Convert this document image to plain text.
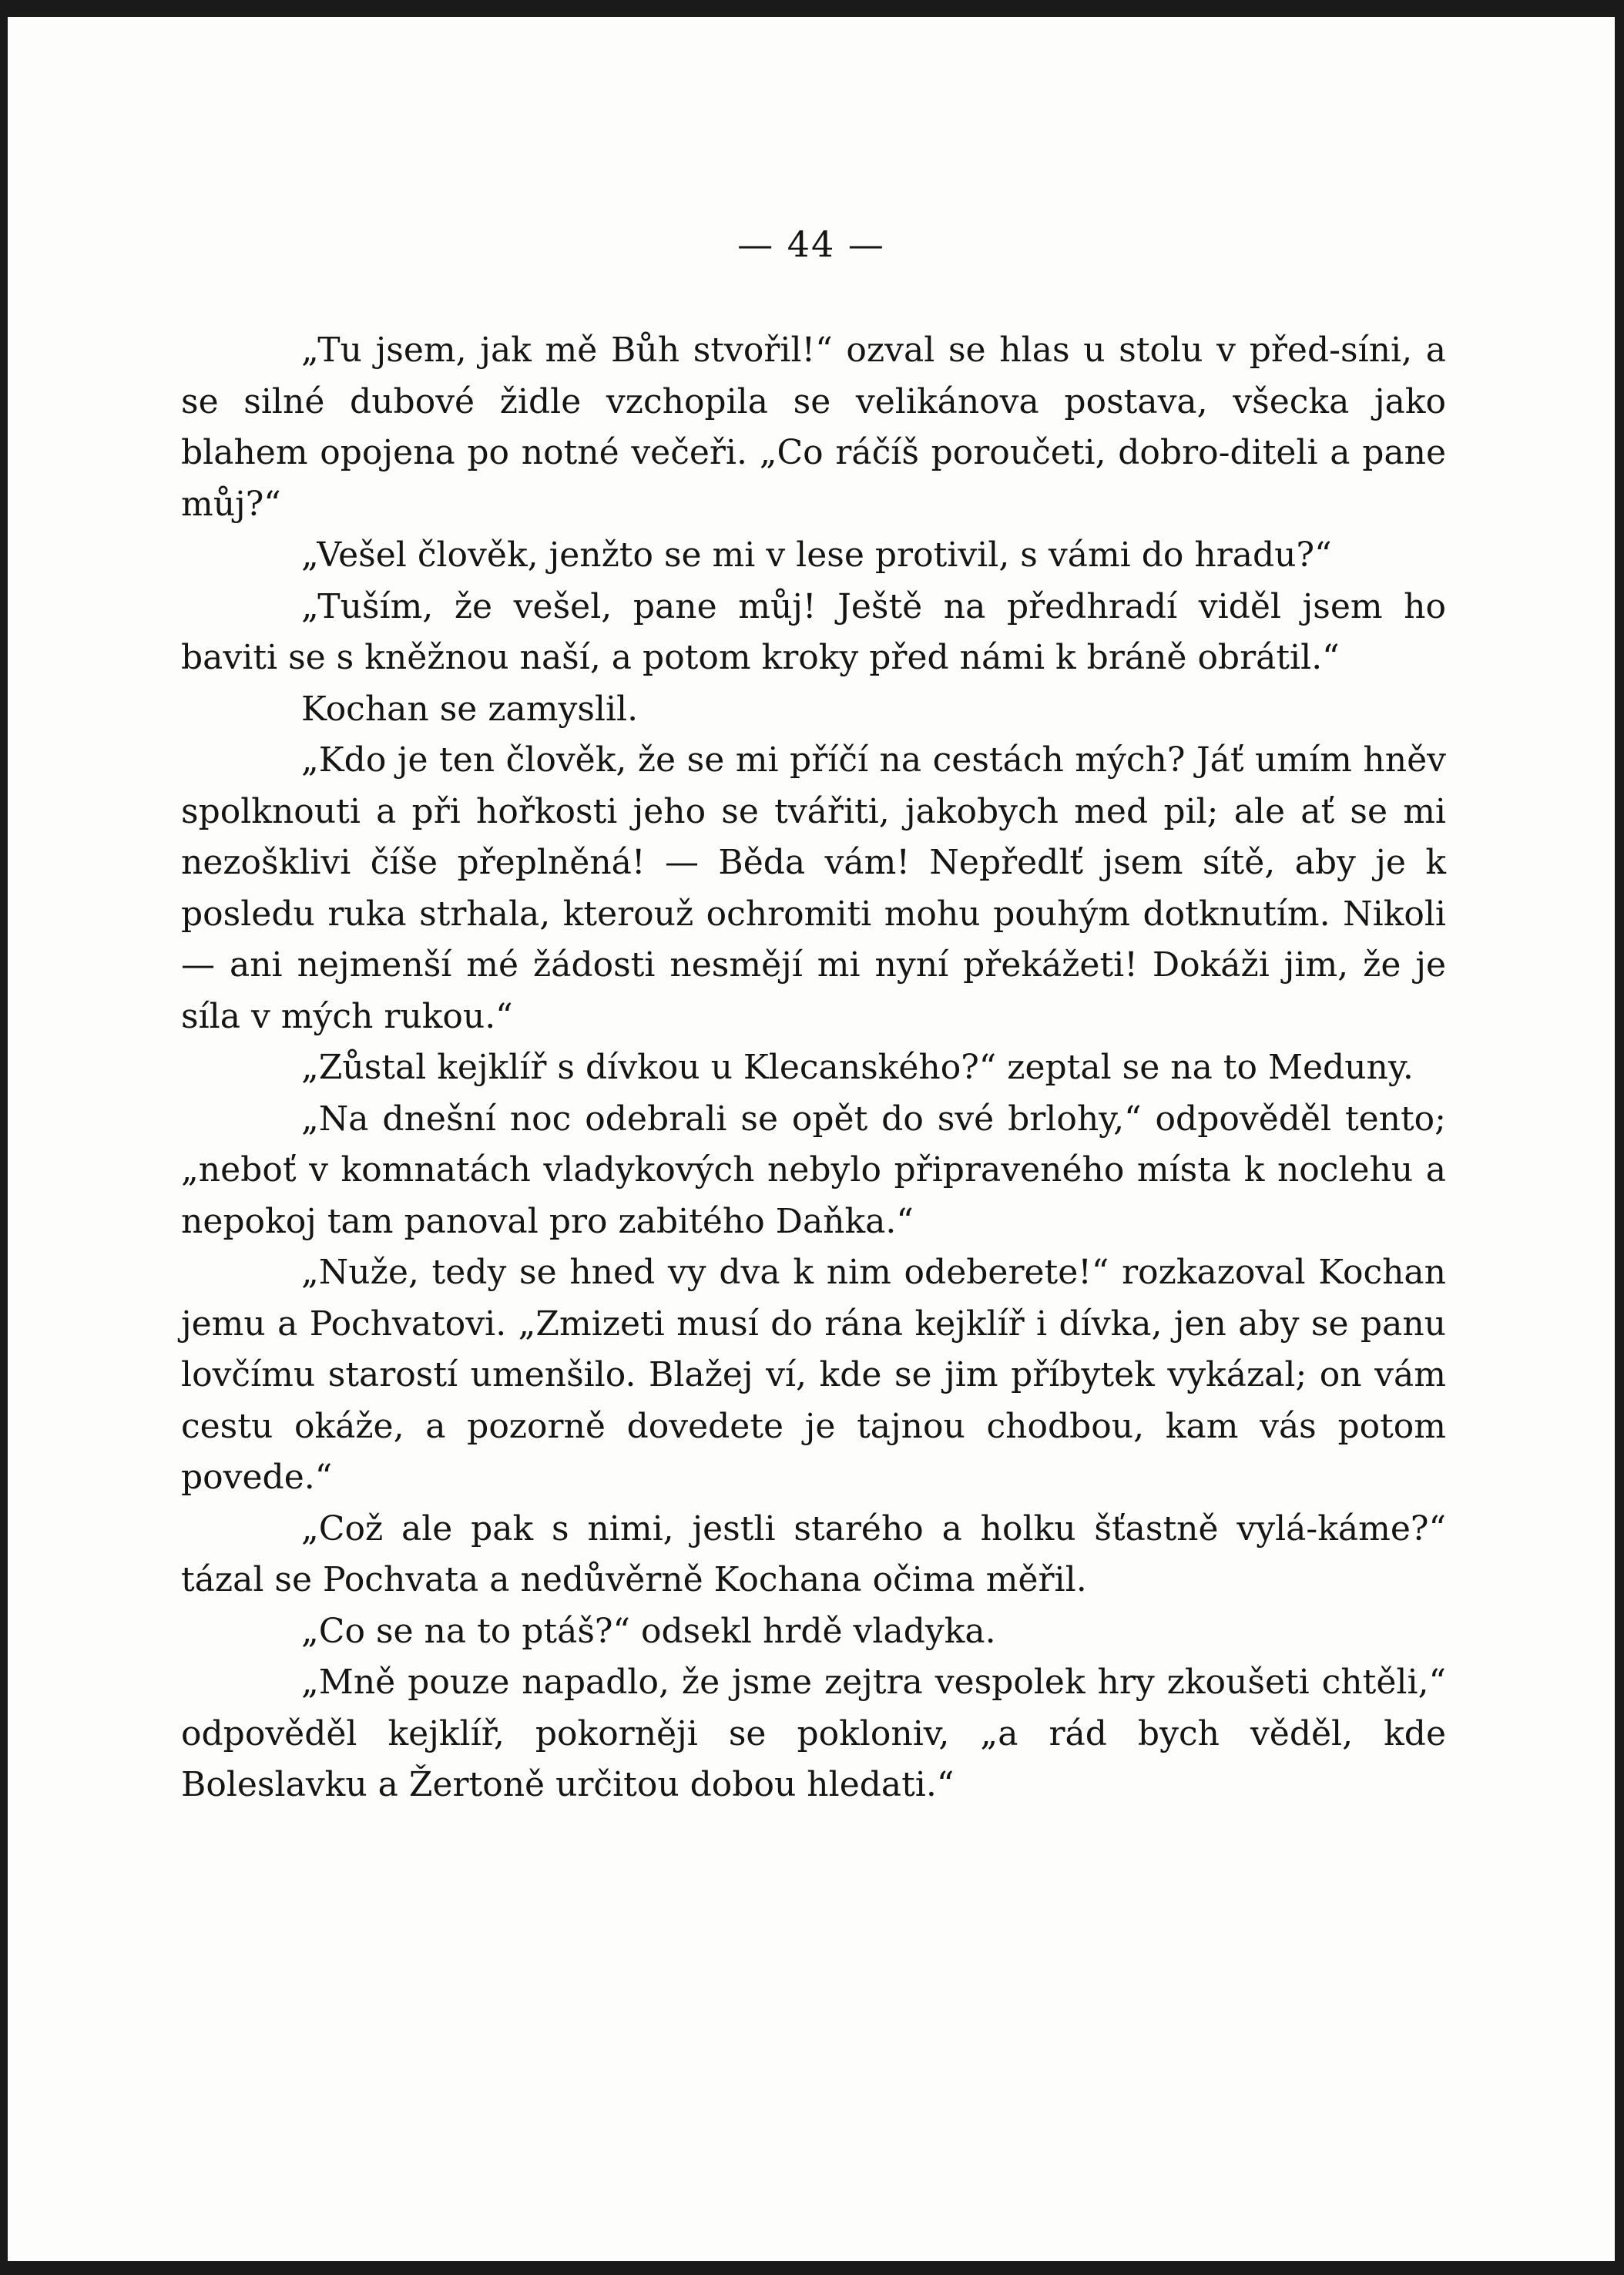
— 44 —

„Tu jsem, jak mě Bůh stvořil!“ ozval se hlas u stolu v před-síni, a se silné dubové židle vzchopila se velikánova postava, všecka jako blahem opojena po notné večeři. „Co ráčíš poroučeti, dobro-diteli a pane můj?“

„Vešel člověk, jenžto se mi v lese protivil, s vámi do hradu?“

„Tuším, že vešel, pane můj! Ještě na předhradí viděl jsem ho baviti se s kněžnou naší, a potom kroky před námi k bráně obrátil.“

Kochan se zamyslil.

„Kdo je ten člověk, že se mi příčí na cestách mých? Jáť umím hněv spolknouti a při hořkosti jeho se tvářiti, jakobych med pil; ale ať se mi nezošklivi číše přeplněná! — Běda vám! Nepředlť jsem sítě, aby je k posledu ruka strhala, kterouž ochromiti mohu pouhým dotknutím. Nikoli — ani nejmenší mé žádosti nesmějí mi nyní překážeti! Dokáži jim, že je síla v mých rukou.“

„Zůstal kejklíř s dívkou u Klecanského?“ zeptal se na to Meduny.

„Na dnešní noc odebrali se opět do své brlohy,“ odpověděl tento; „neboť v komnatách vladykových nebylo připraveného místa k noclehu a nepokoj tam panoval pro zabitého Daňka.“

„Nuže, tedy se hned vy dva k nim odeberete!“ rozkazoval Kochan jemu a Pochvatovi. „Zmizeti musí do rána kejklíř i dívka, jen aby se panu lovčímu starostí umenšilo. Blažej ví, kde se jim příbytek vykázal; on vám cestu okáže, a pozorně dovedete je tajnou chodbou, kam vás potom povede.“

„Což ale pak s nimi, jestli starého a holku šťastně vylá-káme?“ tázal se Pochvata a nedůvěrně Kochana očima měřil.

„Co se na to ptáš?“ odsekl hrdě vladyka.

„Mně pouze napadlo, že jsme zejtra vespolek hry zkoušeti chtěli,“ odpověděl kejklíř, pokorněji se pokloniv, „a rád bych věděl, kde Boleslavku a Žertoně určitou dobou hledati.“
